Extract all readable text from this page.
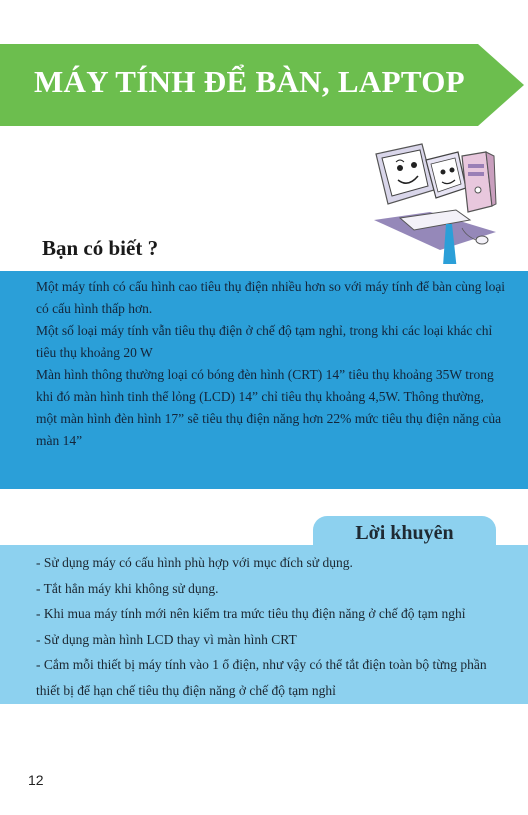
MÁY TÍNH ĐỂ BÀN, LAPTOP
Bạn có biết ?

Một máy tính có cấu hình cao tiêu thụ điện nhiều hơn so với máy tính để bàn cùng loại có cấu hình thấp hơn.

Một số loại máy tính vẫn tiêu thụ điện ở chế độ tạm nghỉ, trong khi các loại khác chỉ tiêu thụ khoảng 20 W

Màn hình thông thường loại có bóng đèn hình (CRT) 14” tiêu thụ khoảng 35W trong khi đó màn hình tinh thể lỏng (LCD) 14” chỉ tiêu thụ khoảng 4,5W. Thông thường, một màn hình đèn hình 17” sẽ tiêu thụ điện năng hơn 22% mức tiêu thụ điện năng của màn 14”

Lời khuyên

- Sử dụng máy có cấu hình phù hợp với mục đích sử dụng.

- Tắt hẳn máy khi không sử dụng.

- Khi mua máy tính mới nên kiểm tra mức tiêu thụ điện năng ở chế độ tạm nghỉ

- Sử dụng màn hình LCD thay vì màn hình CRT

- Cắm mỗi thiết bị máy tính vào 1 ổ điện, như vậy có thể tắt điện toàn bộ từng phần thiết bị để hạn chế tiêu thụ điện năng ở chế độ tạm nghỉ

12
